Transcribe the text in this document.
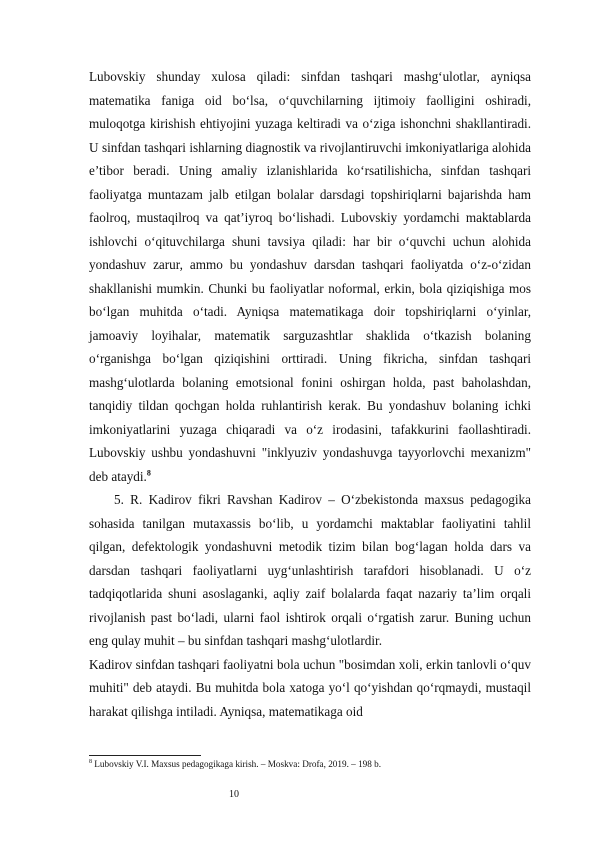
Lubovskiy shunday xulosa qiladi: sinfdan tashqari mashg‘ulotlar, ayniqsa matematika faniga oid bo‘lsa, o‘quvchilarning ijtimoiy faolligini oshiradi, muloqotga kirishish ehtiyojini yuzaga keltiradi va o‘ziga ishonchni shakllantiradi. U sinfdan tashqari ishlarning diagnostik va rivojlantiruvchi imkoniyatlariga alohida e’tibor beradi. Uning amaliy izlanishlarida ko‘rsatilishicha, sinfdan tashqari faoliyatga muntazam jalb etilgan bolalar darsdagi topshiriqlarni bajarishda ham faolroq, mustaqilroq va qat’iyroq bo‘lishadi. Lubovskiy yordamchi maktablarda ishlovchi o‘qituvchilarga shuni tavsiya qiladi: har bir o‘quvchi uchun alohida yondashuv zarur, ammo bu yondashuv darsdan tashqari faoliyatda o‘z-o‘zidan shakllanishi mumkin. Chunki bu faoliyatlar noformal, erkin, bola qiziqishiga mos bo‘lgan muhitda o‘tadi. Ayniqsa matematikaga doir topshiriqlarni o‘yinlar, jamoaviy loyihalar, matematik sarguzashtlar shaklida o‘tkazish bolaning o‘rganishga bo‘lgan qiziqishini orttiradi. Uning fikricha, sinfdan tashqari mashg‘ulotlarda bolaning emotsional fonini oshirgan holda, past baholashdan, tanqidiy tildan qochgan holda ruhlantirish kerak. Bu yondashuv bolaning ichki imkoniyatlarini yuzaga chiqaradi va o‘z irodasini, tafakkurini faollashtiradi. Lubovskiy ushbu yondashuvni "inklyuziv yondashuvga tayyorlovchi mexanizm" deb ataydi.$^8$

5. R. Kadirov fikri Ravshan Kadirov – O‘zbekistonda maxsus pedagogika sohasida tanilgan mutaxassis bo‘lib, u yordamchi maktablar faoliyatini tahlil qilgan, defektologik yondashuvni metodik tizim bilan bog‘lagan holda dars va darsdan tashqari faoliyatlarni uyg‘unlashtirish tarafdori hisoblanadi. U o‘z tadqiqotlarida shuni asoslaganki, aqliy zaif bolalarda faqat nazariy ta’lim orqali rivojlanish past bo‘ladi, ularni faol ishtirok orqali o‘rgatish zarur. Buning uchun eng qulay muhit – bu sinfdan tashqari mashg‘ulotlardir.

Kadirov sinfdan tashqari faoliyatni bola uchun "bosimdan xoli, erkin tanlovli o‘quv muhiti" deb ataydi. Bu muhitda bola xatoga yo‘l qo‘yishdan qo‘rqmaydi, mustaqil harakat qilishga intiladi. Ayniqsa, matematikaga oid

$^8$ Lubovskiy V.I. Maxsus pedagogikaga kirish. – Moskva: Drofa, 2019. – 198 b.
10
